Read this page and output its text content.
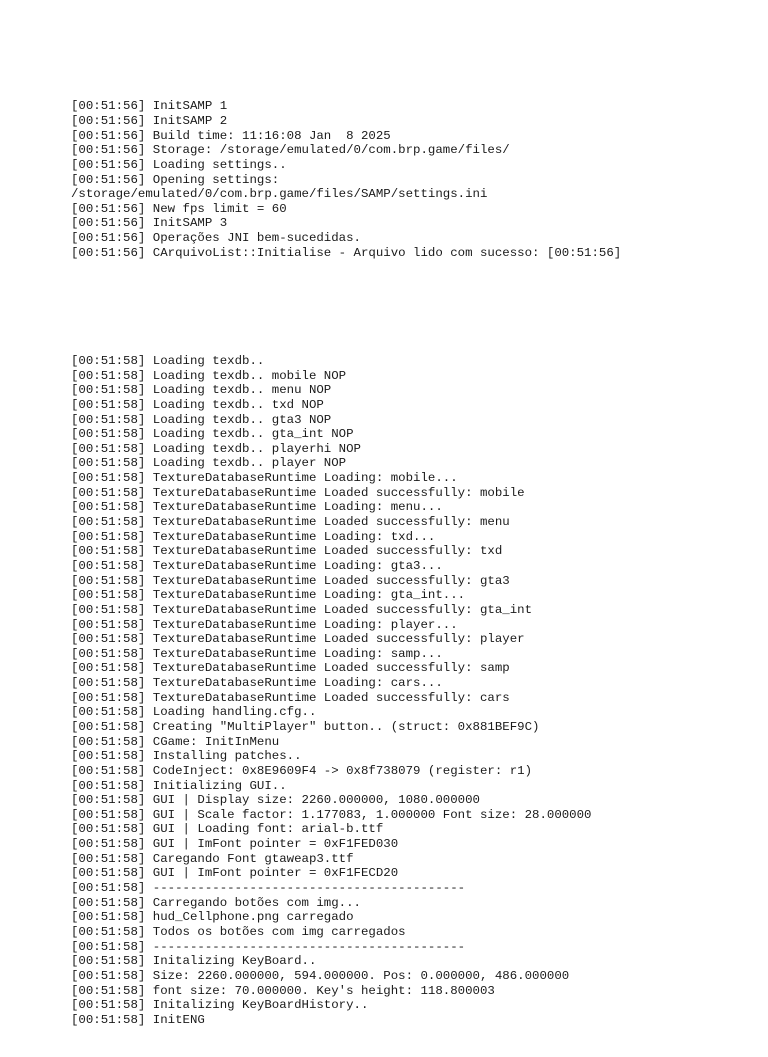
[00:51:56] InitSAMP 1
[00:51:56] InitSAMP 2
[00:51:56] Build time: 11:16:08 Jan  8 2025
[00:51:56] Storage: /storage/emulated/0/com.brp.game/files/
[00:51:56] Loading settings..
[00:51:56] Opening settings:
/storage/emulated/0/com.brp.game/files/SAMP/settings.ini
[00:51:56] New fps limit = 60
[00:51:56] InitSAMP 3
[00:51:56] Operações JNI bem-sucedidas.
[00:51:56] CArquivoList::Initialise - Arquivo lido com sucesso: [00:51:56]

[00:51:58] Loading texdb..
[00:51:58] Loading texdb.. mobile NOP
[00:51:58] Loading texdb.. menu NOP
[00:51:58] Loading texdb.. txd NOP
[00:51:58] Loading texdb.. gta3 NOP
[00:51:58] Loading texdb.. gta_int NOP
[00:51:58] Loading texdb.. playerhi NOP
[00:51:58] Loading texdb.. player NOP
[00:51:58] TextureDatabaseRuntime Loading: mobile...
[00:51:58] TextureDatabaseRuntime Loaded successfully: mobile
[00:51:58] TextureDatabaseRuntime Loading: menu...
[00:51:58] TextureDatabaseRuntime Loaded successfully: menu
[00:51:58] TextureDatabaseRuntime Loading: txd...
[00:51:58] TextureDatabaseRuntime Loaded successfully: txd
[00:51:58] TextureDatabaseRuntime Loading: gta3...
[00:51:58] TextureDatabaseRuntime Loaded successfully: gta3
[00:51:58] TextureDatabaseRuntime Loading: gta_int...
[00:51:58] TextureDatabaseRuntime Loaded successfully: gta_int
[00:51:58] TextureDatabaseRuntime Loading: player...
[00:51:58] TextureDatabaseRuntime Loaded successfully: player
[00:51:58] TextureDatabaseRuntime Loading: samp...
[00:51:58] TextureDatabaseRuntime Loaded successfully: samp
[00:51:58] TextureDatabaseRuntime Loading: cars...
[00:51:58] TextureDatabaseRuntime Loaded successfully: cars
[00:51:58] Loading handling.cfg..
[00:51:58] Creating "MultiPlayer" button.. (struct: 0x881BEF9C)
[00:51:58] CGame: InitInMenu
[00:51:58] Installing patches..
[00:51:58] CodeInject: 0x8E9609F4 -> 0x8f738079 (register: r1)
[00:51:58] Initializing GUI..
[00:51:58] GUI | Display size: 2260.000000, 1080.000000
[00:51:58] GUI | Scale factor: 1.177083, 1.000000 Font size: 28.000000
[00:51:58] GUI | Loading font: arial-b.ttf
[00:51:58] GUI | ImFont pointer = 0xF1FED030
[00:51:58] Caregando Font gtaweap3.ttf
[00:51:58] GUI | ImFont pointer = 0xF1FECD20
[00:51:58] ------------------------------------------
[00:51:58] Carregando botões com img...
[00:51:58] hud_Cellphone.png carregado
[00:51:58] Todos os botões com img carregados
[00:51:58] ------------------------------------------
[00:51:58] Initalizing KeyBoard..
[00:51:58] Size: 2260.000000, 594.000000. Pos: 0.000000, 486.000000
[00:51:58] font size: 70.000000. Key's height: 118.800003
[00:51:58] Initalizing KeyBoardHistory..
[00:51:58] InitENG
